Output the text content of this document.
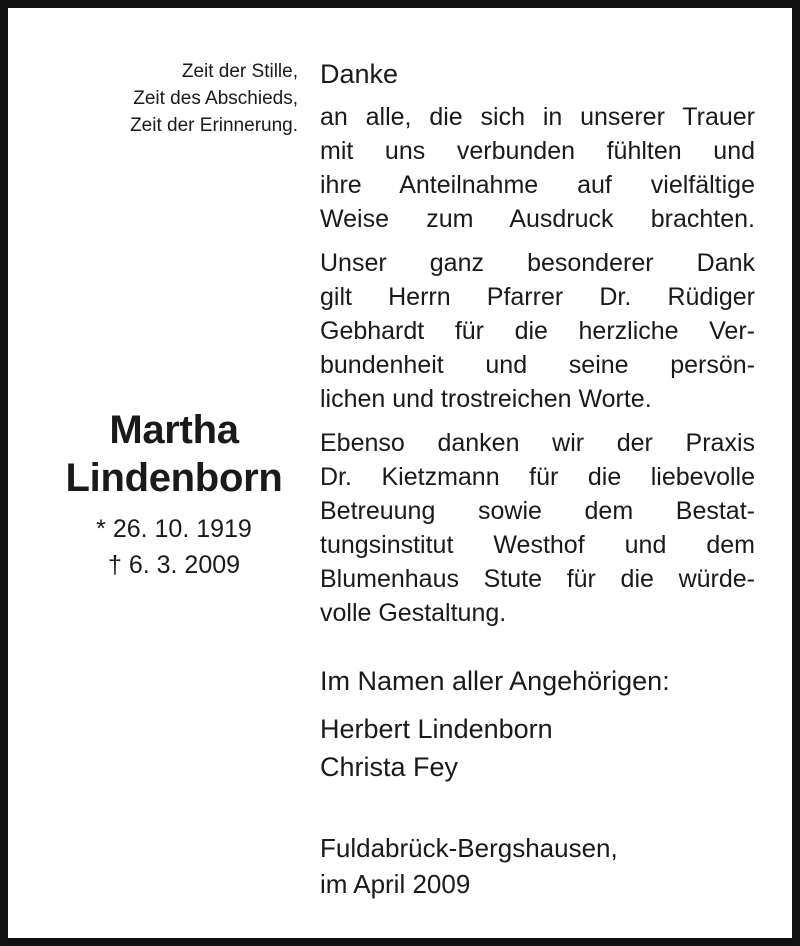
Zeit der Stille,
Zeit des Abschieds,
Zeit der Erinnerung.
Martha
Lindenborn
* 26. 10. 1919
† 6. 3. 2009
Danke
an alle, die sich in unserer Trauer
mit uns verbunden fühlten und
ihre Anteilnahme auf vielfältige
Weise zum Ausdruck brachten.
Unser ganz besonderer Dank
gilt Herrn Pfarrer Dr. Rüdiger
Gebhardt für die herzliche Ver-
bundenheit und seine persön-
lichen und trostreichen Worte.
Ebenso danken wir der Praxis
Dr. Kietzmann für die liebevolle
Betreuung sowie dem Bestat-
tungsinstitut Westhof und dem
Blumenhaus Stute für die würde-
volle Gestaltung.
Im Namen aller Angehörigen:
Herbert Lindenborn
Christa Fey
Fuldabrück-Bergshausen,
im April 2009
